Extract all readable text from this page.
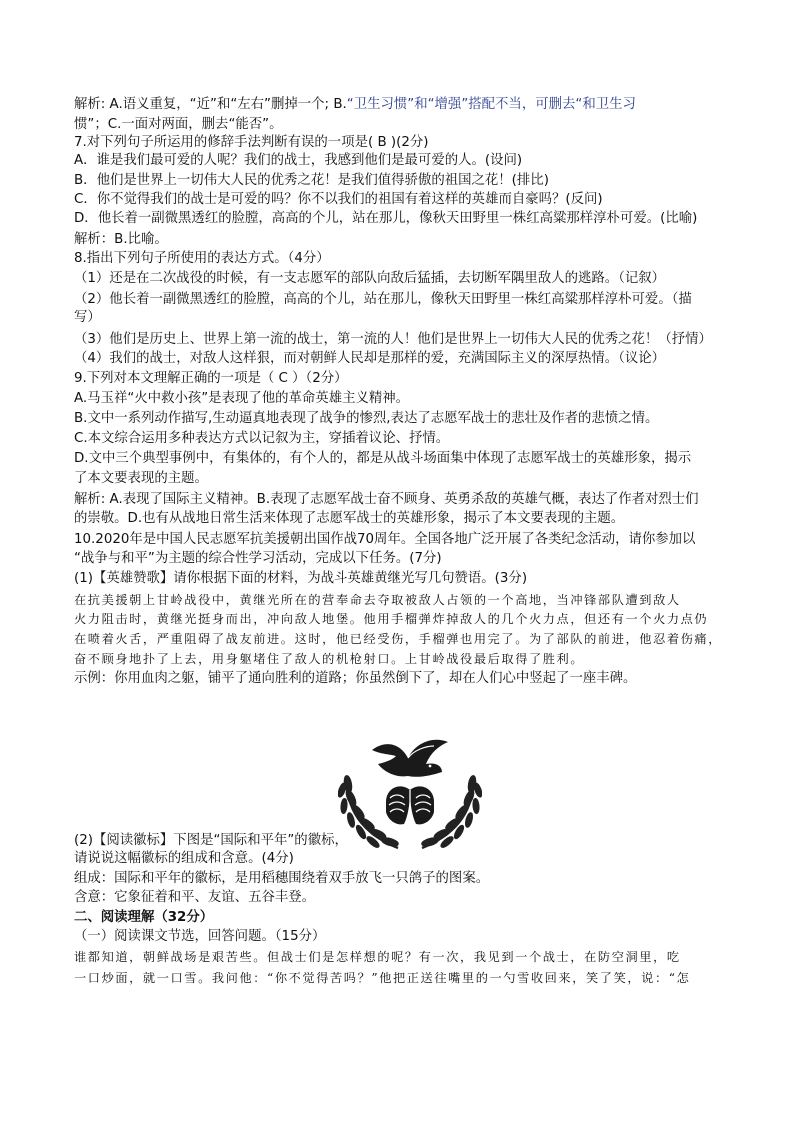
解析: A.语义重复，“近”和“左右”删掉一个; B.“卫生习惯”和“增强”搭配不当，可删去“和卫生习
惯”；C.一面对两面，删去“能否”。
7.对下列句子所运用的修辞手法判断有误的一项是( B )(2分)
A．谁是我们最可爱的人呢？我们的战士，我感到他们是最可爱的人。(设问)
B．他们是世界上一切伟大人民的优秀之花！是我们值得骄傲的祖国之花！(排比)
C．你不觉得我们的战士是可爱的吗？你不以我们的祖国有着这样的英雄而自豪吗？(反问)
D．他长着一副微黑透红的脸膛，高高的个儿，站在那儿，像秋天田野里一株红高粱那样淳朴可爱。(比喻)
解析：B.比喻。
8.指出下列句子所使用的表达方式。（4分）
（1）还是在二次战役的时候，有一支志愿军的部队向敌后猛插，去切断军隅里敌人的逃路。（记叙）
（2）他长着一副微黑透红的脸膛，高高的个儿，站在那儿，像秋天田野里一株红高粱那样淳朴可爱。（描
写）
（3）他们是历史上、世界上第一流的战士，第一流的人！他们是世界上一切伟大人民的优秀之花！（抒情）
（4）我们的战士，对敌人这样狠，而对朝鲜人民却是那样的爱，充满国际主义的深厚热情。（议论）
9.下列对本文理解正确的一项是（ C ）（2分）
A.马玉祥“火中救小孩”是表现了他的革命英雄主义精神。
B.文中一系列动作描写,生动逼真地表现了战争的惨烈,表达了志愿军战士的悲壮及作者的悲愤之情。
C.本文综合运用多种表达方式以记叙为主，穿插着议论、抒情。
D.文中三个典型事例中，有集体的，有个人的，都是从战斗场面集中体现了志愿军战士的英雄形象，揭示
了本文要表现的主题。
解析: A.表现了国际主义精神。B.表现了志愿军战士奋不顾身、英勇杀敌的英雄气概，表达了作者对烈士们
的崇敬。D.也有从战地日常生活来体现了志愿军战士的英雄形象，揭示了本文要表现的主题。
10.2020年是中国人民志愿军抗美援朝出国作战70周年。全国各地广泛开展了各类纪念活动，请你参加以
“战争与和平”为主题的综合性学习活动，完成以下任务。(7分)
(1)【英雄赞歌】请你根据下面的材料，为战斗英雄黄继光写几句赞语。(3分)
在抗美援朝上甘岭战役中，黄继光所在的营奉命去夺取被敌人占领的一个高地，当冲锋部队遭到敌人
火力阻击时，黄继光挺身而出，冲向敌人地堡。他用手榴弹炸掉敌人的几个火力点，但还有一个火力点仍
在喷着火舌，严重阻碍了战友前进。这时，他已经受伤，手榴弹也用完了。为了部队的前进，他忍着伤痛，
奋不顾身地扑了上去，用身躯堵住了敌人的机枪射口。上甘岭战役最后取得了胜利。
示例：你用血肉之躯，铺平了通向胜利的道路；你虽然倒下了，却在人们心中竖起了一座丰碑。
(2)【阅读徽标】下图是“国际和平年”的徽标，
请说说这幅徽标的组成和含意。(4分)
组成：国际和平年的徽标，是用稻穗围绕着双手放飞一只鸽子的图案。
含意：它象征着和平、友谊、五谷丰登。
二、阅读理解（32分）
（一）阅读课文节选，回答问题。（15分）
谁都知道，朝鲜战场是艰苦些。但战士们是怎样想的呢？有一次，我见到一个战士，在防空洞里，吃
一口炒面，就一口雪。我问他：“你不觉得苦吗？”他把正送往嘴里的一勺雪收回来，笑了笑，说：“怎
